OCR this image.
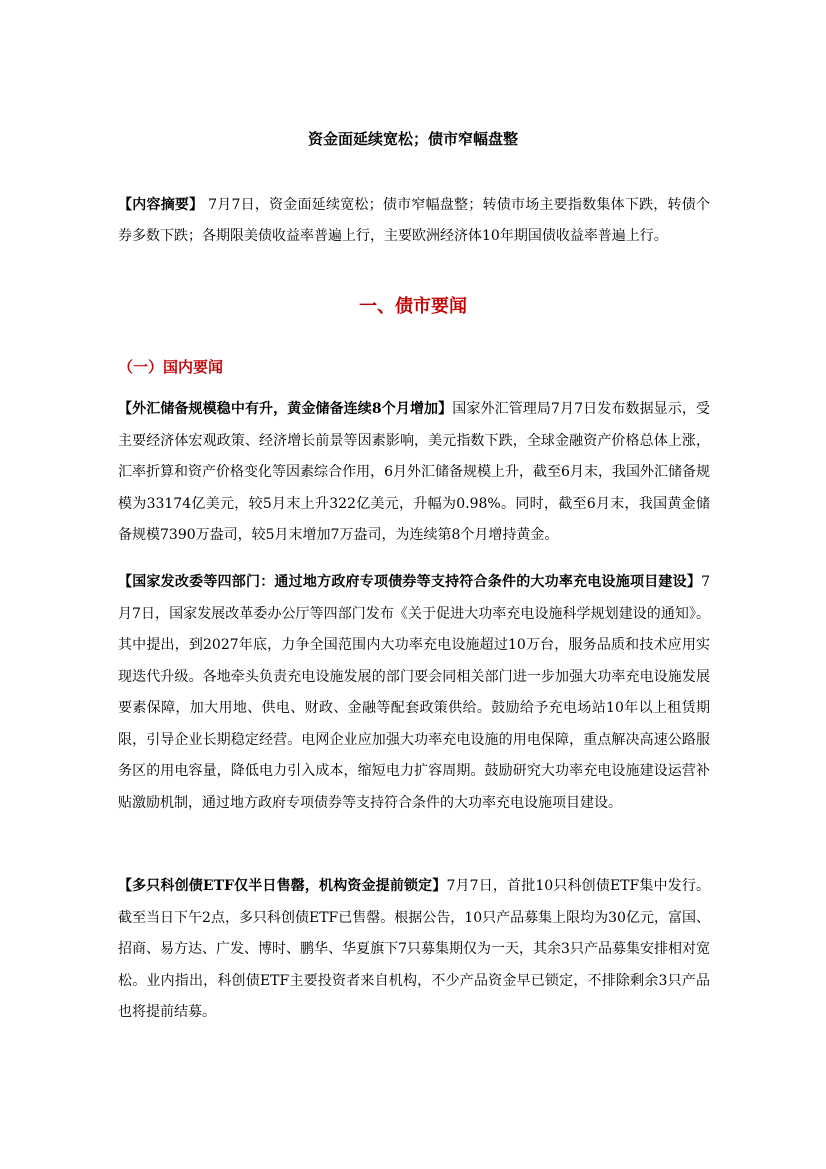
资金面延续宽松；债市窄幅盘整
【内容摘要】 7月7日，资金面延续宽松；债市窄幅盘整；转债市场主要指数集体下跌，转债个券多数下跌；各期限美债收益率普遍上行，主要欧洲经济体10年期国债收益率普遍上行。
一、债市要闻
（一）国内要闻
【外汇储备规模稳中有升，黄金储备连续8个月增加】国家外汇管理局7月7日发布数据显示，受主要经济体宏观政策、经济增长前景等因素影响，美元指数下跌，全球金融资产价格总体上涨，汇率折算和资产价格变化等因素综合作用，6月外汇储备规模上升，截至6月末，我国外汇储备规模为33174亿美元，较5月末上升322亿美元，升幅为0.98%。同时，截至6月末，我国黄金储备规模7390万盎司，较5月末增加7万盎司，为连续第8个月增持黄金。
【国家发改委等四部门：通过地方政府专项债券等支持符合条件的大功率充电设施项目建设】7月7日，国家发展改革委办公厅等四部门发布《关于促进大功率充电设施科学规划建设的通知》。其中提出，到2027年底，力争全国范围内大功率充电设施超过10万台，服务品质和技术应用实现迭代升级。各地牵头负责充电设施发展的部门要会同相关部门进一步加强大功率充电设施发展要素保障，加大用地、供电、财政、金融等配套政策供给。鼓励给予充电场站10年以上租赁期限，引导企业长期稳定经营。电网企业应加强大功率充电设施的用电保障，重点解决高速公路服务区的用电容量，降低电力引入成本，缩短电力扩容周期。鼓励研究大功率充电设施建设运营补贴激励机制，通过地方政府专项债券等支持符合条件的大功率充电设施项目建设。
【多只科创债ETF仅半日售罄，机构资金提前锁定】7月7日，首批10只科创债ETF集中发行。截至当日下午2点，多只科创债ETF已售罄。根据公告，10只产品募集上限均为30亿元，富国、招商、易方达、广发、博时、鹏华、华夏旗下7只募集期仅为一天，其余3只产品募集安排相对宽松。业内指出，科创债ETF主要投资者来自机构，不少产品资金早已锁定，不排除剩余3只产品也将提前结募。
